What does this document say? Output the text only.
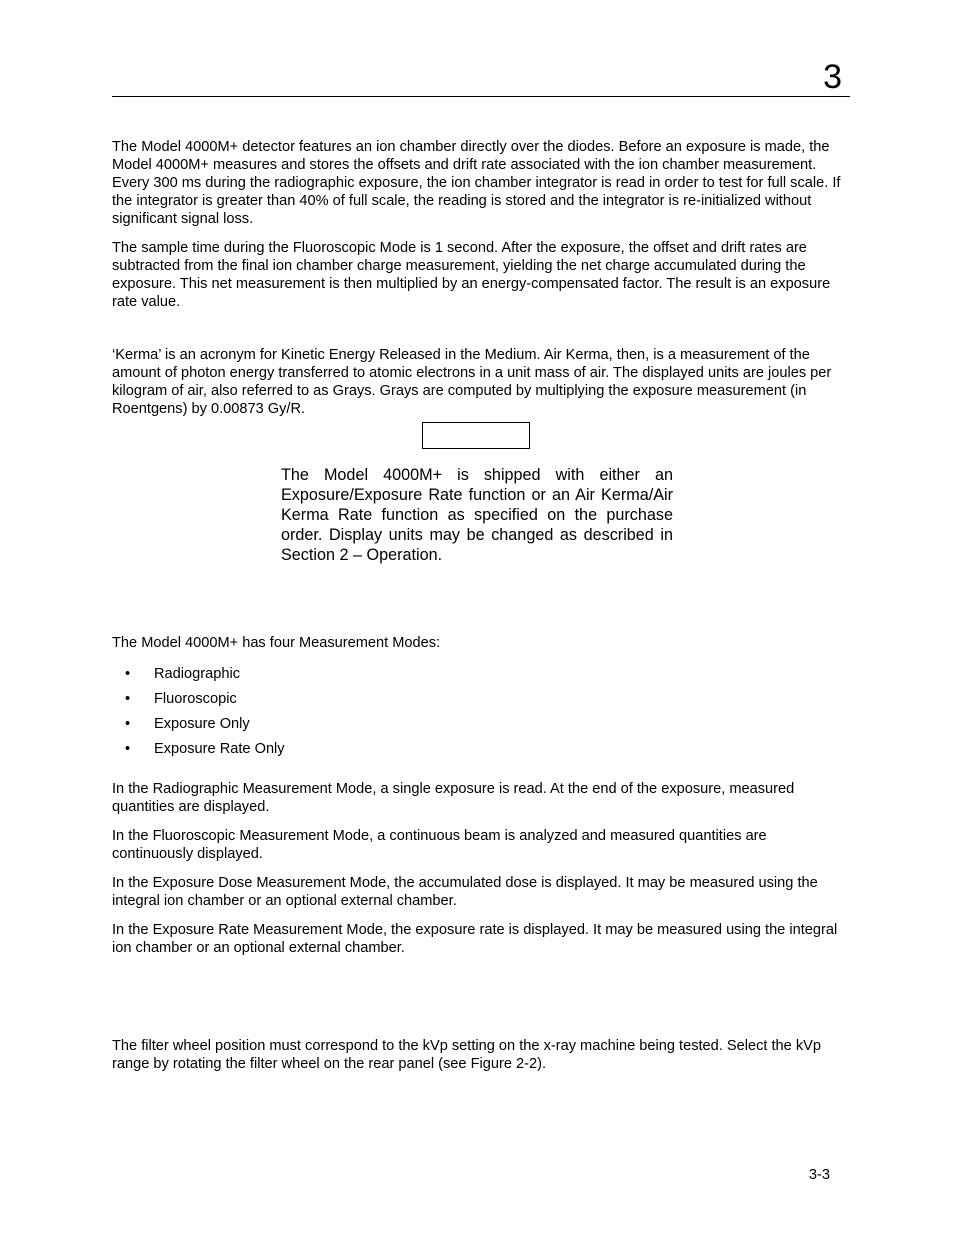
3

The Model 4000M+ detector features an ion chamber directly over the diodes. Before an exposure is made, the Model 4000M+ measures and stores the offsets and drift rate associated with the ion chamber measurement. Every 300 ms during the radiographic exposure, the ion chamber integrator is read in order to test for full scale. If the integrator is greater than 40% of full scale, the reading is stored and the integrator is re-initialized without significant signal loss.

The sample time during the Fluoroscopic Mode is 1 second. After the exposure, the offset and drift rates are subtracted from the final ion chamber charge measurement, yielding the net charge accumulated during the exposure. This net measurement is then multiplied by an energy-compensated factor. The result is an exposure rate value.

‘Kerma’ is an acronym for Kinetic Energy Released in the Medium. Air Kerma, then, is a measurement of the amount of photon energy transferred to atomic electrons in a unit mass of air. The displayed units are joules per kilogram of air, also referred to as Grays. Grays are computed by multiplying the exposure measurement (in Roentgens) by 0.00873 Gy/R.

The Model 4000M+ is shipped with either an Exposure/Exposure Rate function or an Air Kerma/Air Kerma Rate function as specified on the purchase order. Display units may be changed as described in Section 2 – Operation.

The Model 4000M+ has four Measurement Modes:

• Radiographic
• Fluoroscopic
• Exposure Only
• Exposure Rate Only

In the Radiographic Measurement Mode, a single exposure is read. At the end of the exposure, measured quantities are displayed.

In the Fluoroscopic Measurement Mode, a continuous beam is analyzed and measured quantities are continuously displayed.

In the Exposure Dose Measurement Mode, the accumulated dose is displayed. It may be measured using the integral ion chamber or an optional external chamber.

In the Exposure Rate Measurement Mode, the exposure rate is displayed. It may be measured using the integral ion chamber or an optional external chamber.

The filter wheel position must correspond to the kVp setting on the x-ray machine being tested. Select the kVp range by rotating the filter wheel on the rear panel (see Figure 2-2).

3-3
